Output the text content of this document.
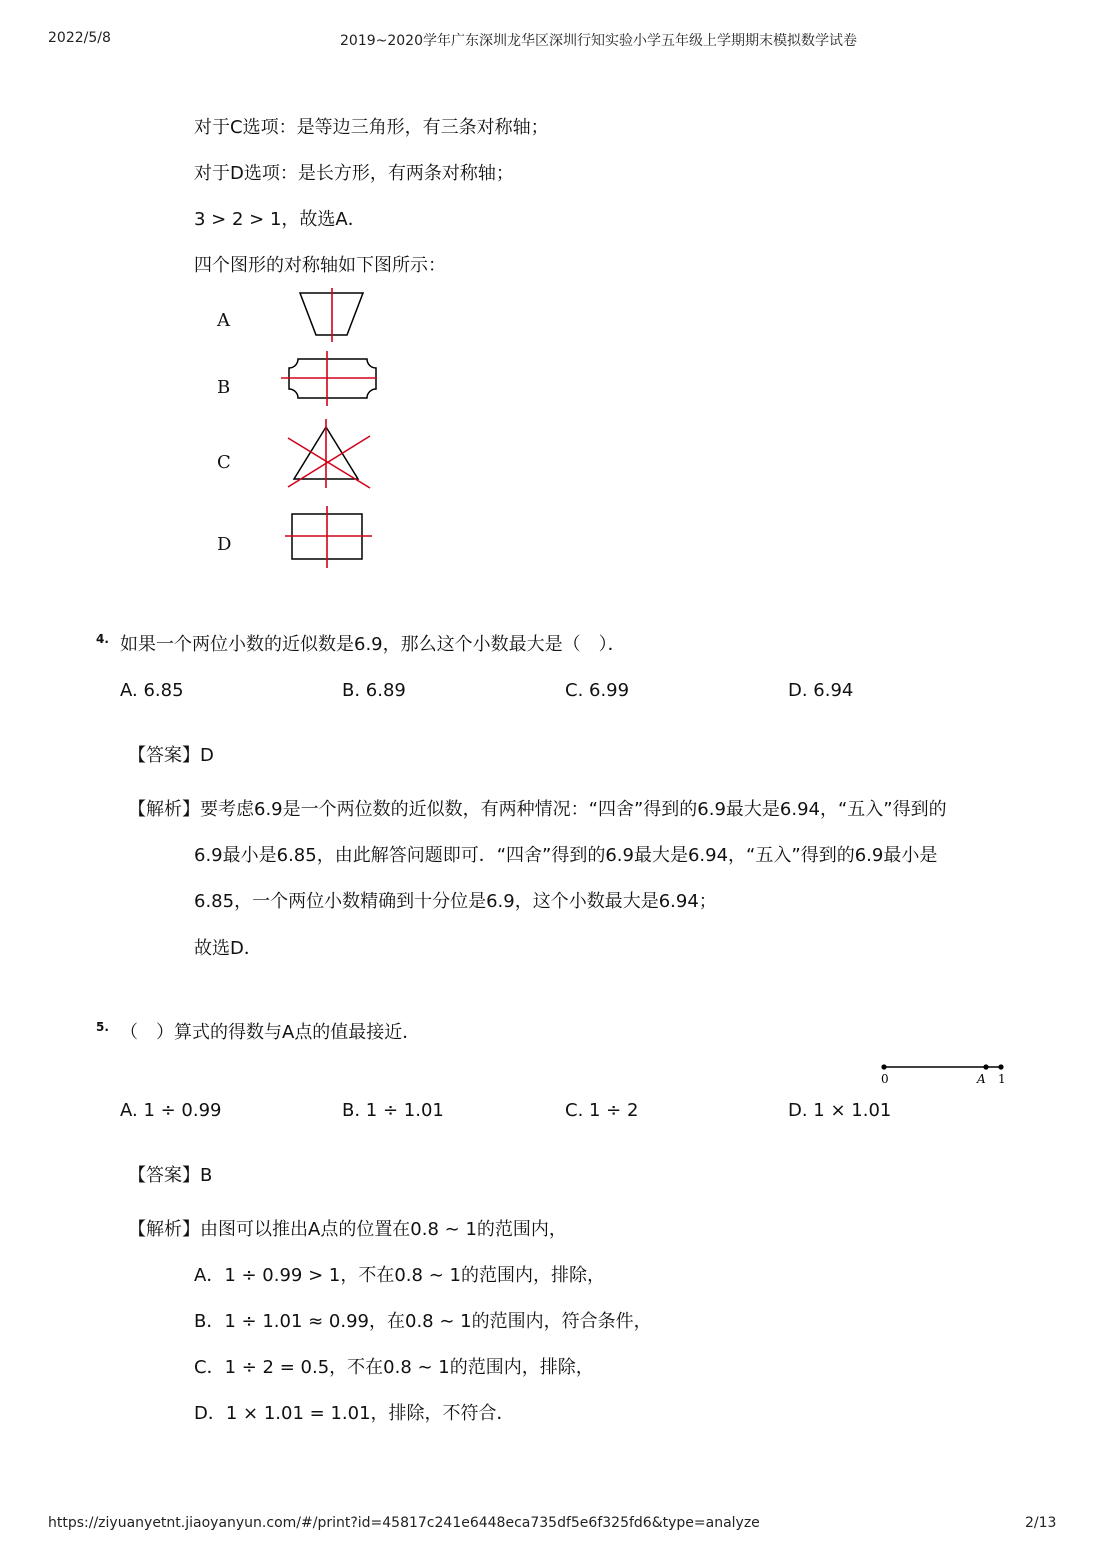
2022/5/8	2019~2020学年广东深圳龙华区深圳行知实验小学五年级上学期期末模拟数学试卷
对于C选项：是等边三角形，有三条对称轴；
对于D选项：是长方形，有两条对称轴；
3 > 2 > 1，故选A．
四个图形的对称轴如下图所示：
A
B
C
D
4. 如果一个两位小数的近似数是6.9，那么这个小数最大是（　）．
A. 6.85	B. 6.89	C. 6.99	D. 6.94
【答案】D
【解析】要考虑6.9是一个两位数的近似数，有两种情况：“四舍”得到的6.9最大是6.94，“五入”得到的
6.9最小是6.85，由此解答问题即可．“四舍”得到的6.9最大是6.94，“五入”得到的6.9最小是
6.85，一个两位小数精确到十分位是6.9，这个小数最大是6.94；
故选D．
5. （　）算式的得数与A点的值最接近．
0	A 1
A. 1 ÷ 0.99	B. 1 ÷ 1.01	C. 1 ÷ 2	D. 1 × 1.01
【答案】B
【解析】由图可以推出A点的位置在0.8 ∼ 1的范围内，
A．1 ÷ 0.99 > 1，不在0.8 ∼ 1的范围内，排除，
B．1 ÷ 1.01 ≈ 0.99，在0.8 ∼ 1的范围内，符合条件，
C．1 ÷ 2 = 0.5，不在0.8 ∼ 1的范围内，排除，
D．1 × 1.01 = 1.01，排除，不符合．
https://ziyuanyetnt.jiaoyanyun.com/#/print?id=45817c241e6448eca735df5e6f325fd6&type=analyze	2/13
